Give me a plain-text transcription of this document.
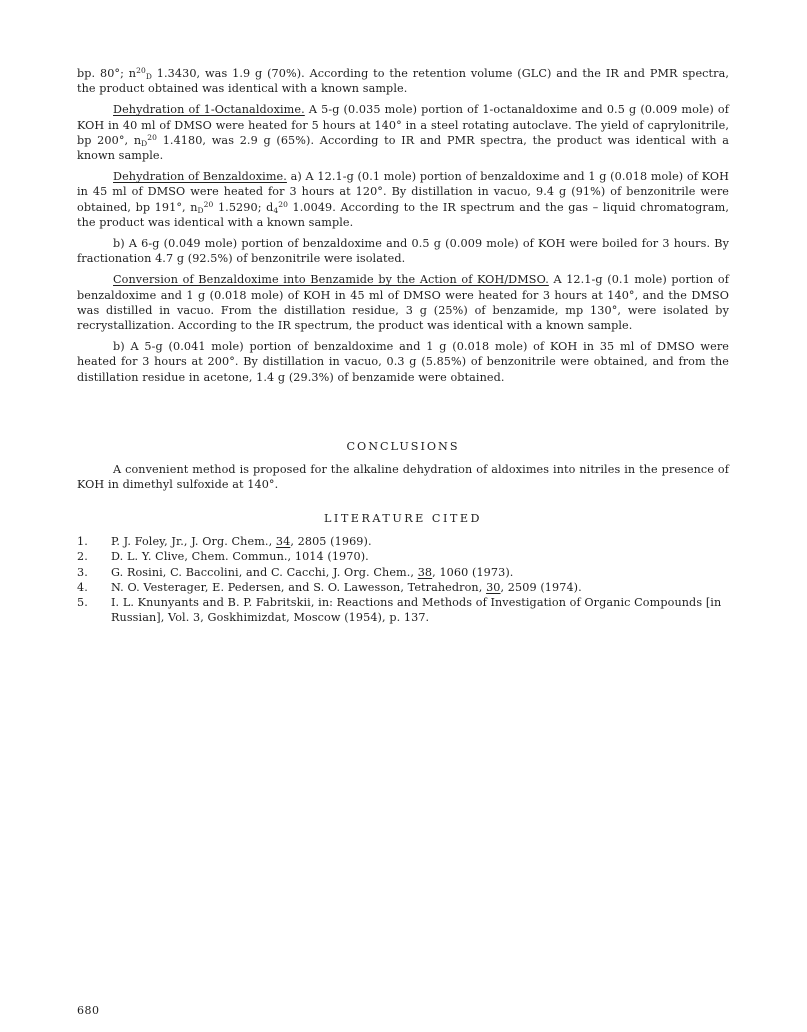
bp. 80°; $n^{20}_D$ 1.3430, was 1.9 g (70%). According to the retention volume (GLC) and the IR and PMR spectra, the product obtained was identical with a known sample.

Dehydration of 1-Octanaldoxime. A 5-g (0.035 mole) portion of 1-octanaldoxime and 0.5 g (0.009 mole) of KOH in 40 ml of DMSO were heated for 5 hours at 140° in a steel rotating autoclave. The yield of caprylonitrile, bp 200°, $n_D^{20}$ 1.4180, was 2.9 g (65%). According to IR and PMR spectra, the product was identical with a known sample.

Dehydration of Benzaldoxime. a) A 12.1-g (0.1 mole) portion of benzaldoxime and 1 g (0.018 mole) of KOH in 45 ml of DMSO were heated for 3 hours at 120°. By distillation in vacuo, 9.4 g (91%) of benzonitrile were obtained, bp 191°, $n_D^{20}$ 1.5290; $d_4^{20}$ 1.0049. According to the IR spectrum and the gas – liquid chromatogram, the product was identical with a known sample.

b) A 6-g (0.049 mole) portion of benzaldoxime and 0.5 g (0.009 mole) of KOH were boiled for 3 hours. By fractionation 4.7 g (92.5%) of benzonitrile were isolated.

Conversion of Benzaldoxime into Benzamide by the Action of KOH/DMSO. A 12.1-g (0.1 mole) portion of benzaldoxime and 1 g (0.018 mole) of KOH in 45 ml of DMSO were heated for 3 hours at 140°, and the DMSO was distilled in vacuo. From the distillation residue, 3 g (25%) of benzamide, mp 130°, were isolated by recrystallization. According to the IR spectrum, the product was identical with a known sample.

b) A 5-g (0.041 mole) portion of benzaldoxime and 1 g (0.018 mole) of KOH in 35 ml of DMSO were heated for 3 hours at 200°. By distillation in vacuo, 0.3 g (5.85%) of benzonitrile were obtained, and from the distillation residue in acetone, 1.4 g (29.3%) of benzamide were obtained.

CONCLUSIONS

A convenient method is proposed for the alkaline dehydration of aldoximes into nitriles in the presence of KOH in dimethyl sulfoxide at 140°.

LITERATURE CITED

1.	P. J. Foley, Jr., J. Org. Chem., 34, 2805 (1969).
2.	D. L. Y. Clive, Chem. Commun., 1014 (1970).
3.	G. Rosini, C. Baccolini, and C. Cacchi, J. Org. Chem., 38, 1060 (1973).
4.	N. O. Vesterager, E. Pedersen, and S. O. Lawesson, Tetrahedron, 30, 2509 (1974).
5.	I. L. Knunyants and B. P. Fabritskii, in: Reactions and Methods of Investigation of Organic Compounds [in Russian], Vol. 3, Goskhimizdat, Moscow (1954), p. 137.
680
